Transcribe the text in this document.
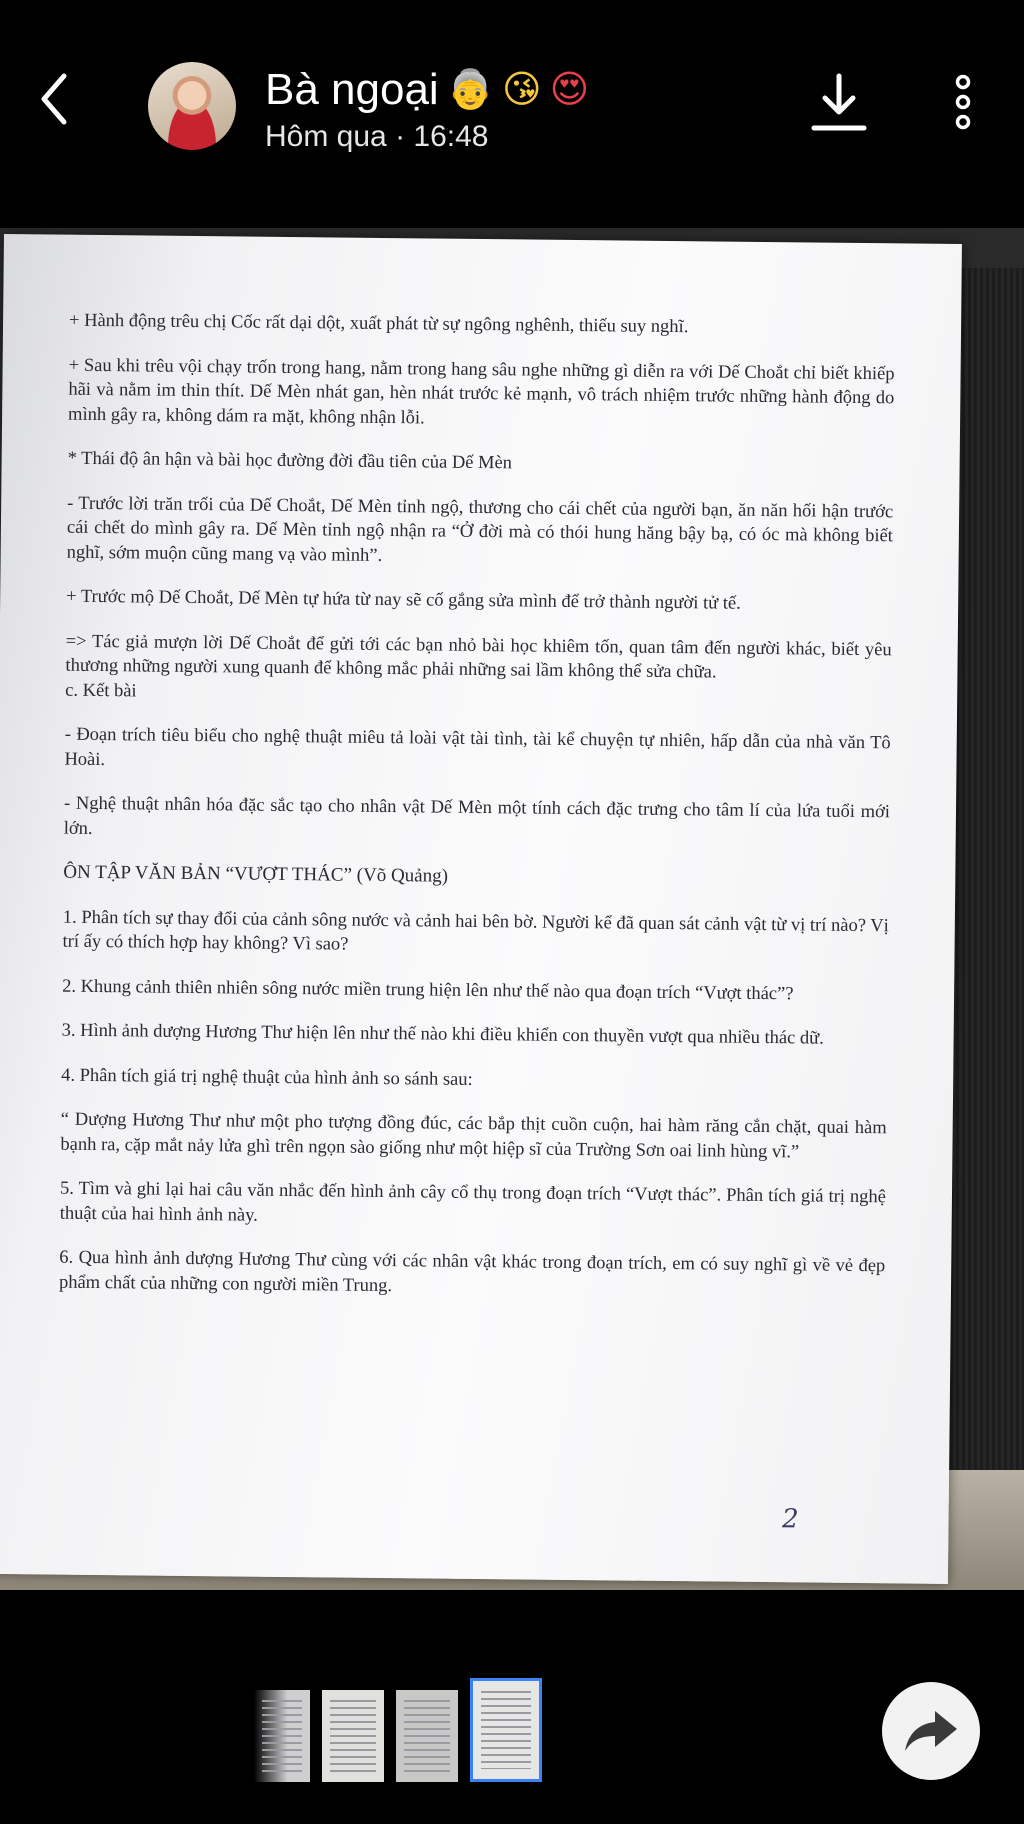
Bà ngoại 👵 😘 😍
Hôm qua · 16:48

+ Hành động trêu chị Cốc rất dại dột, xuất phát từ sự ngông nghênh, thiếu suy nghĩ.

+ Sau khi trêu vội chạy trốn trong hang, nằm trong hang sâu nghe những gì diễn ra với Dế Choắt chỉ biết khiếp hãi và nằm im thin thít. Dế Mèn nhát gan, hèn nhát trước kẻ mạnh, vô trách nhiệm trước những hành động do mình gây ra, không dám ra mặt, không nhận lỗi.

* Thái độ ân hận và bài học đường đời đầu tiên của Dế Mèn

- Trước lời trăn trối của Dế Choắt, Dế Mèn tỉnh ngộ, thương cho cái chết của người bạn, ăn năn hối hận trước cái chết do mình gây ra. Dế Mèn tỉnh ngộ nhận ra “Ở đời mà có thói hung hăng bậy bạ, có óc mà không biết nghĩ, sớm muộn cũng mang vạ vào mình”.

+ Trước mộ Dế Choắt, Dế Mèn tự hứa từ nay sẽ cố gắng sửa mình để trở thành người tử tế.

=> Tác giả mượn lời Dế Choắt để gửi tới các bạn nhỏ bài học khiêm tốn, quan tâm đến người khác, biết yêu thương những người xung quanh để không mắc phải những sai lầm không thể sửa chữa.
c. Kết bài

- Đoạn trích tiêu biểu cho nghệ thuật miêu tả loài vật tài tình, tài kể chuyện tự nhiên, hấp dẫn của nhà văn Tô Hoài.

- Nghệ thuật nhân hóa đặc sắc tạo cho nhân vật Dế Mèn một tính cách đặc trưng cho tâm lí của lứa tuổi mới lớn.

ÔN TẬP VĂN BẢN “VƯỢT THÁC” (Võ Quảng)

1. Phân tích sự thay đổi của cảnh sông nước và cảnh hai bên bờ. Người kể đã quan sát cảnh vật từ vị trí nào? Vị trí ấy có thích hợp hay không? Vì sao?

2. Khung cảnh thiên nhiên sông nước miền trung hiện lên như thế nào qua đoạn trích “Vượt thác”?

3. Hình ảnh dượng Hương Thư hiện lên như thế nào khi điều khiển con thuyền vượt qua nhiều thác dữ.

4. Phân tích giá trị nghệ thuật của hình ảnh so sánh sau:

“ Dượng Hương Thư như một pho tượng đồng đúc, các bắp thịt cuồn cuộn, hai hàm răng cắn chặt, quai hàm bạnh ra, cặp mắt nảy lửa ghì trên ngọn sào giống như một hiệp sĩ của Trường Sơn oai linh hùng vĩ.”

5. Tìm và ghi lại hai câu văn nhắc đến hình ảnh cây cổ thụ trong đoạn trích “Vượt thác”. Phân tích giá trị nghệ thuật của hai hình ảnh này.

6. Qua hình ảnh dượng Hương Thư cùng với các nhân vật khác trong đoạn trích, em có suy nghĩ gì về vẻ đẹp phẩm chất của những con người miền Trung.

2
